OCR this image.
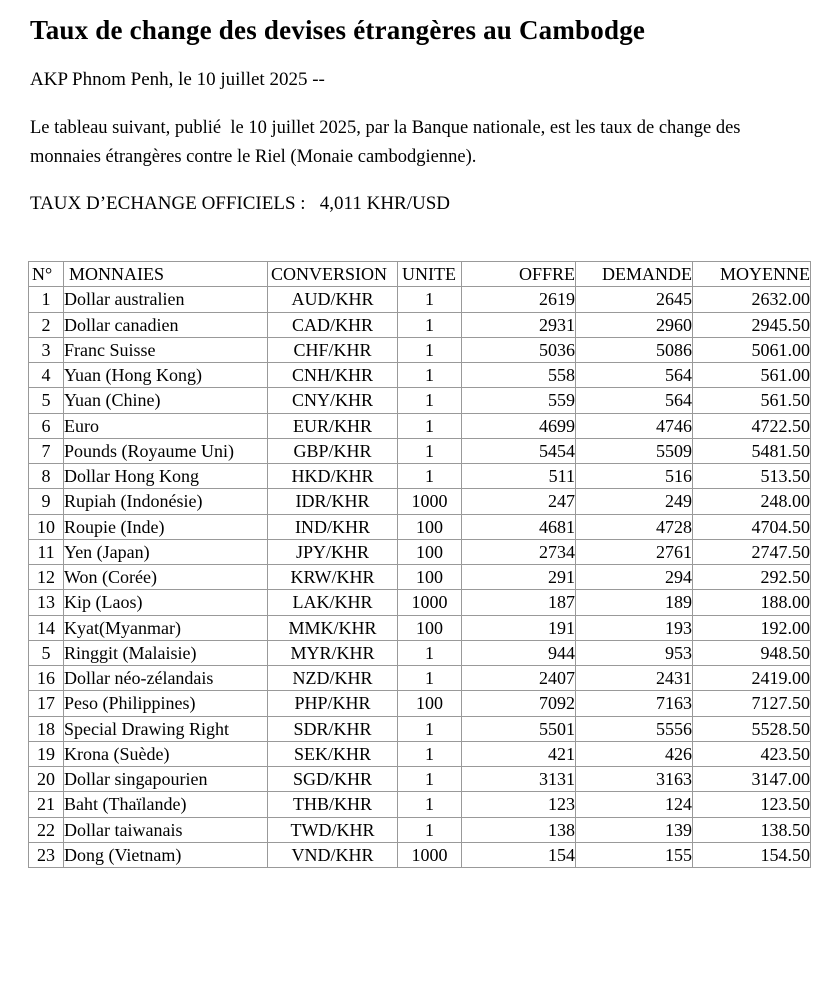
Taux de change des devises étrangères au Cambodge

AKP Phnom Penh, le 10 juillet 2025 --

Le tableau suivant, publié  le 10 juillet 2025, par la Banque nationale, est les taux de change des
monnaies étrangères contre le Riel (Monaie cambodgienne).

TAUX D’ECHANGE OFFICIELS :   4,011 KHR/USD

N°	MONNAIES	CONVERSION	UNITE	OFFRE	DEMANDE	MOYENNE
1	Dollar australien	AUD/KHR	1	2619	2645	2632.00
2	Dollar canadien	CAD/KHR	1	2931	2960	2945.50
3	Franc Suisse	CHF/KHR	1	5036	5086	5061.00
4	Yuan (Hong Kong)	CNH/KHR	1	558	564	561.00
5	Yuan (Chine)	CNY/KHR	1	559	564	561.50
6	Euro	EUR/KHR	1	4699	4746	4722.50
7	Pounds (Royaume Uni)	GBP/KHR	1	5454	5509	5481.50
8	Dollar Hong Kong	HKD/KHR	1	511	516	513.50
9	Rupiah (Indonésie)	IDR/KHR	1000	247	249	248.00
10	Roupie (Inde)	IND/KHR	100	4681	4728	4704.50
11	Yen (Japan)	JPY/KHR	100	2734	2761	2747.50
12	Won (Corée)	KRW/KHR	100	291	294	292.50
13	Kip (Laos)	LAK/KHR	1000	187	189	188.00
14	Kyat(Myanmar)	MMK/KHR	100	191	193	192.00
5	Ringgit (Malaisie)	MYR/KHR	1	944	953	948.50
16	Dollar néo-zélandais	NZD/KHR	1	2407	2431	2419.00
17	Peso (Philippines)	PHP/KHR	100	7092	7163	7127.50
18	Special Drawing Right	SDR/KHR	1	5501	5556	5528.50
19	Krona (Suède)	SEK/KHR	1	421	426	423.50
20	Dollar singapourien	SGD/KHR	1	3131	3163	3147.00
21	Baht (Thaïlande)	THB/KHR	1	123	124	123.50
22	Dollar taiwanais	TWD/KHR	1	138	139	138.50
23	Dong (Vietnam)	VND/KHR	1000	154	155	154.50
